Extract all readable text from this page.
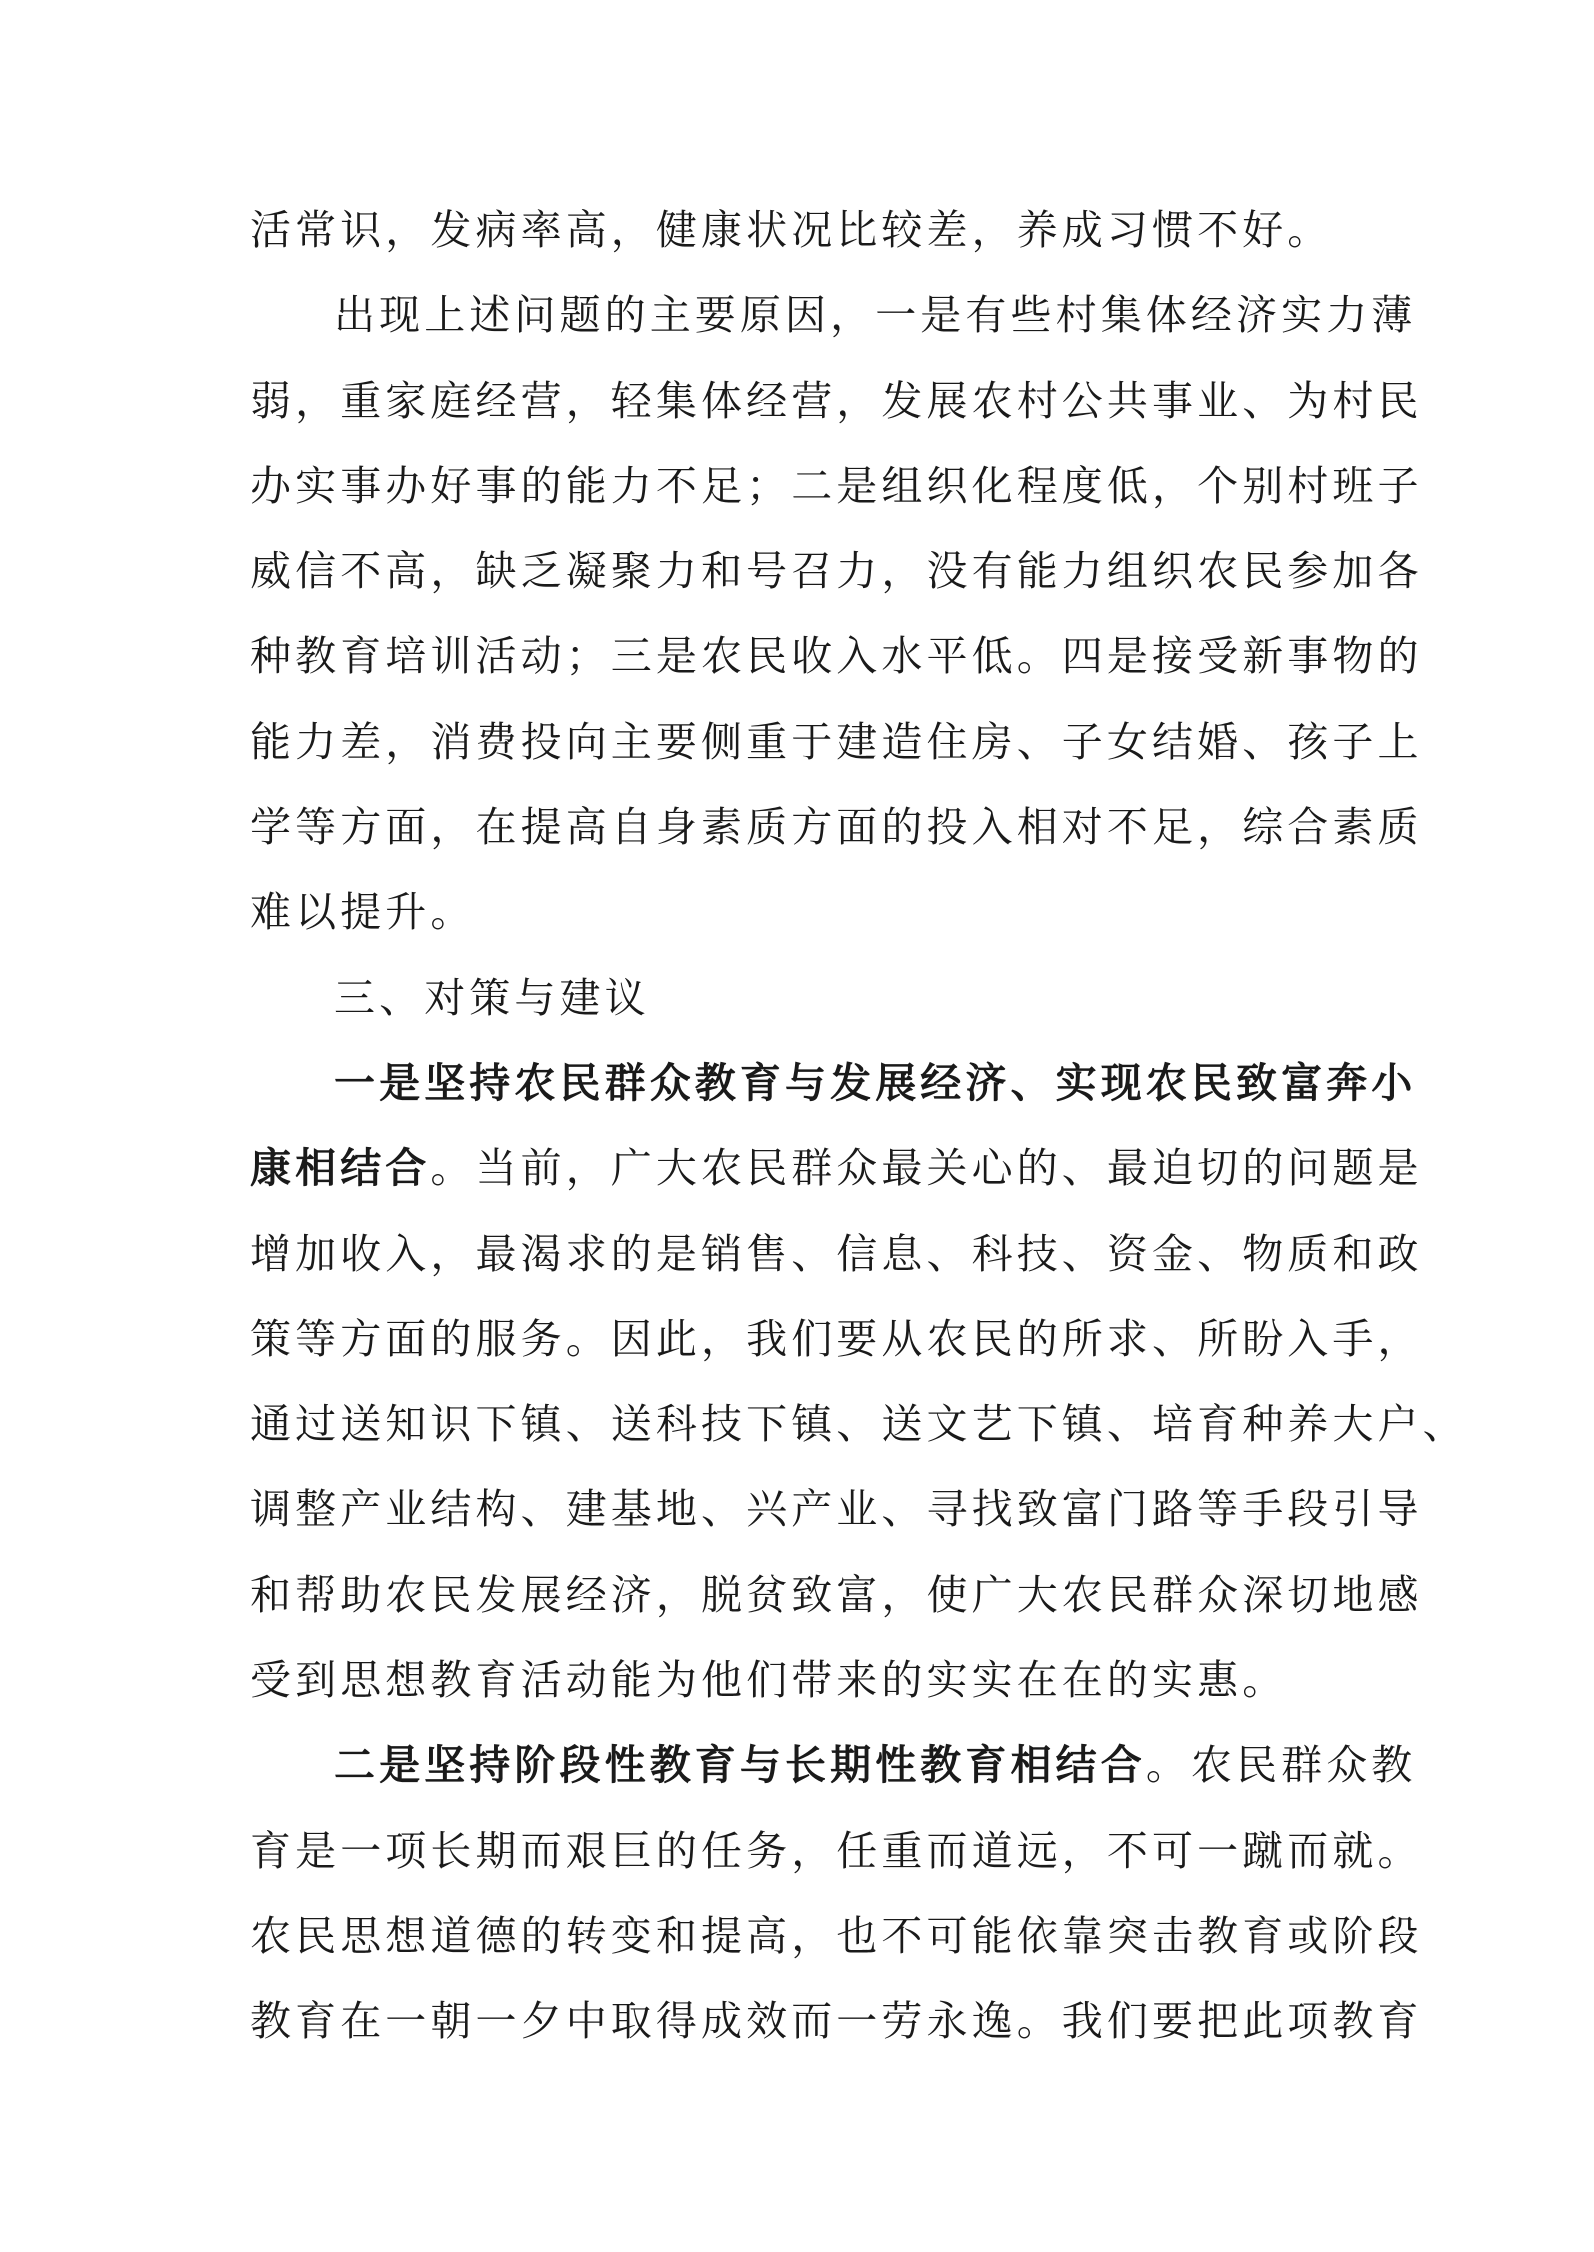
活常识，发病率高，健康状况比较差，养成习惯不好。
出现上述问题的主要原因，一是有些村集体经济实力薄
弱，重家庭经营，轻集体经营，发展农村公共事业、为村民
办实事办好事的能力不足；二是组织化程度低，个别村班子
威信不高，缺乏凝聚力和号召力，没有能力组织农民参加各
种教育培训活动；三是农民收入水平低。四是接受新事物的
能力差，消费投向主要侧重于建造住房、子女结婚、孩子上
学等方面，在提高自身素质方面的投入相对不足，综合素质
难以提升。
三、对策与建议
一是坚持农民群众教育与发展经济、实现农民致富奔小
康相结合。当前，广大农民群众最关心的、最迫切的问题是
增加收入，最渴求的是销售、信息、科技、资金、物质和政
策等方面的服务。因此，我们要从农民的所求、所盼入手，
通过送知识下镇、送科技下镇、送文艺下镇、培育种养大户、
调整产业结构、建基地、兴产业、寻找致富门路等手段引导
和帮助农民发展经济，脱贫致富，使广大农民群众深切地感
受到思想教育活动能为他们带来的实实在在的实惠。
二是坚持阶段性教育与长期性教育相结合。农民群众教
育是一项长期而艰巨的任务，任重而道远，不可一蹴而就。
农民思想道德的转变和提高，也不可能依靠突击教育或阶段
教育在一朝一夕中取得成效而一劳永逸。我们要把此项教育
